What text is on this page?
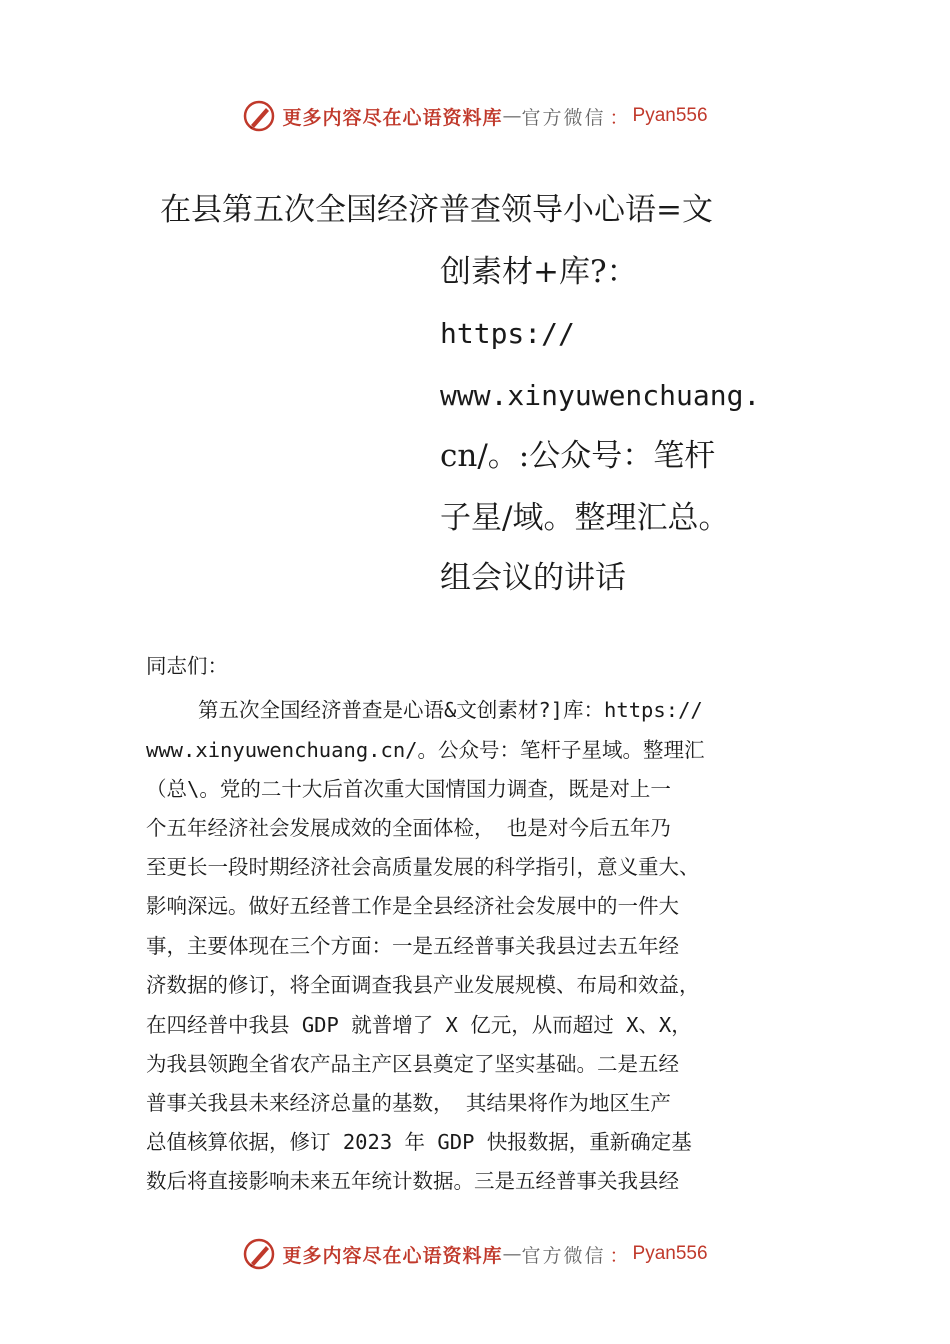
更多内容尽在心语资料库 — 官方微信 ： Pyan556
在县第五次全国经济普查领导小心语=文
创素材+库?：
https://
www.xinyuwenchuang.
cn/。:公众号：笔杆
子星/域。整理汇总。
组会议的讲话
同志们：
第五次全国经济普查是心语&文创素材?]库：https://
www.xinyuwenchuang.cn/。公众号：笔杆子星域。整理汇
（总\。党的二十大后首次重大国情国力调查，既是对上一
个五年经济社会发展成效的全面体检， 也是对今后五年乃
至更长一段时期经济社会高质量发展的科学指引，意义重大、
影响深远。做好五经普工作是全县经济社会发展中的一件大
事，主要体现在三个方面：一是五经普事关我县过去五年经
济数据的修订，将全面调查我县产业发展规模、布局和效益，
在四经普中我县 GDP 就普增了 X 亿元，从而超过 X、X，
为我县领跑全省农产品主产区县奠定了坚实基础。二是五经
普事关我县未来经济总量的基数， 其结果将作为地区生产
总值核算依据，修订 2023 年 GDP 快报数据，重新确定基
数后将直接影响未来五年统计数据。三是五经普事关我县经
更多内容尽在心语资料库 — 官方微信 ： Pyan556
